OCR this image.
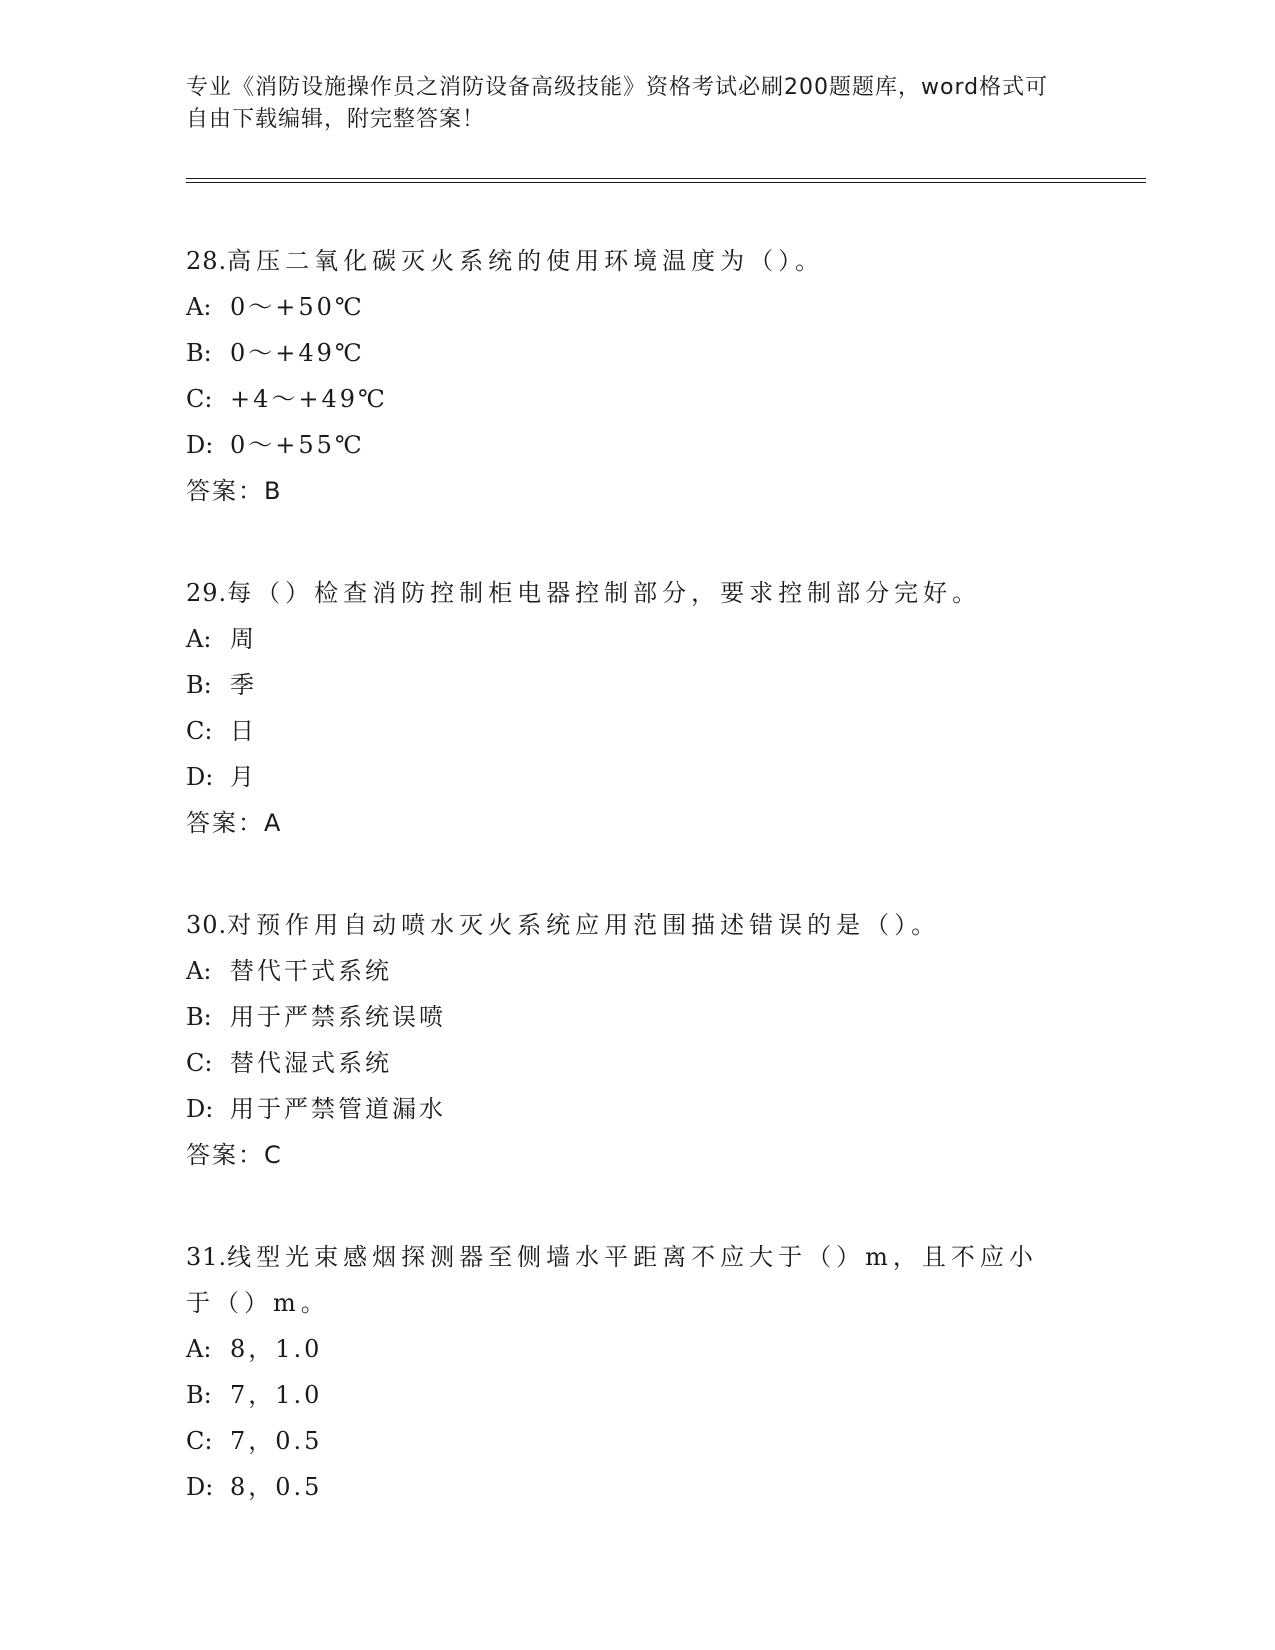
专业《消防设施操作员之消防设备高级技能》资格考试必刷200题题库，word格式可自由下载编辑，附完整答案！
28.高压二氧化碳灭火系统的使用环境温度为（）。
A: 0～+50℃
B: 0～+49℃
C: +4～+49℃
D: 0～+55℃
答案：B
29.每（）检查消防控制柜电器控制部分，要求控制部分完好。
A: 周
B: 季
C: 日
D: 月
答案：A
30.对预作用自动喷水灭火系统应用范围描述错误的是（）。
A: 替代干式系统
B: 用于严禁系统误喷
C: 替代湿式系统
D: 用于严禁管道漏水
答案：C
31.线型光束感烟探测器至侧墙水平距离不应大于（）m，且不应小于（）m。
A: 8，1.0
B: 7，1.0
C: 7，0.5
D: 8，0.5
